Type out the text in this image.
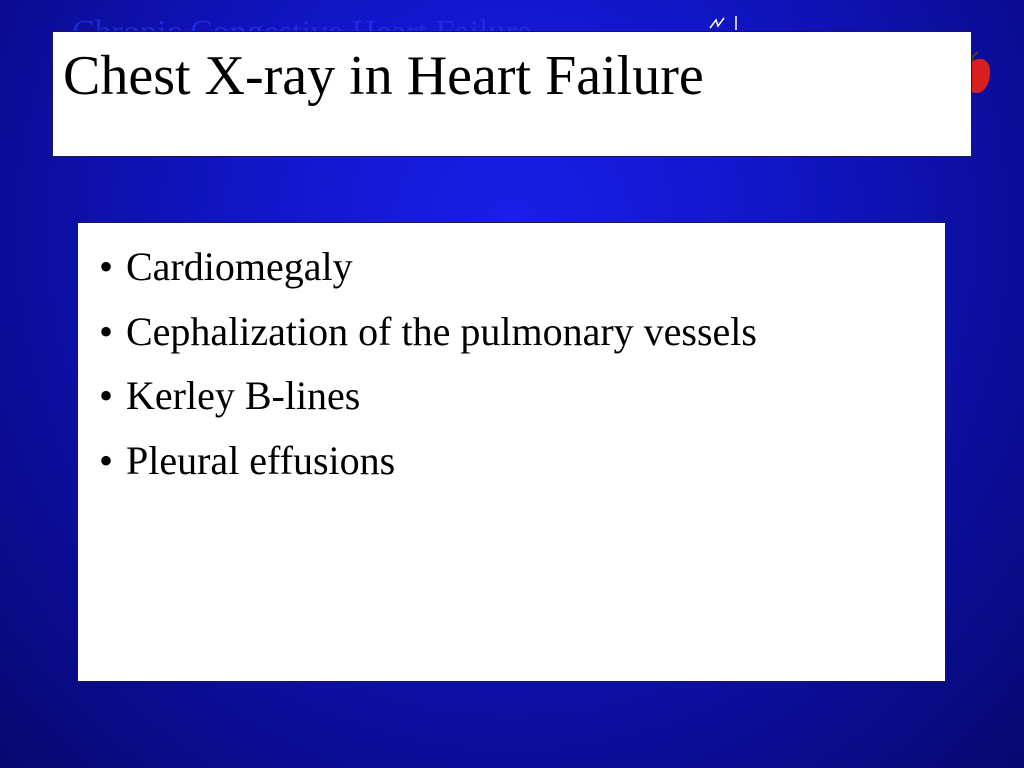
Chest X-ray in Heart Failure
• Cardiomegaly
• Cephalization of the pulmonary vessels
• Kerley B-lines
• Pleural effusions
